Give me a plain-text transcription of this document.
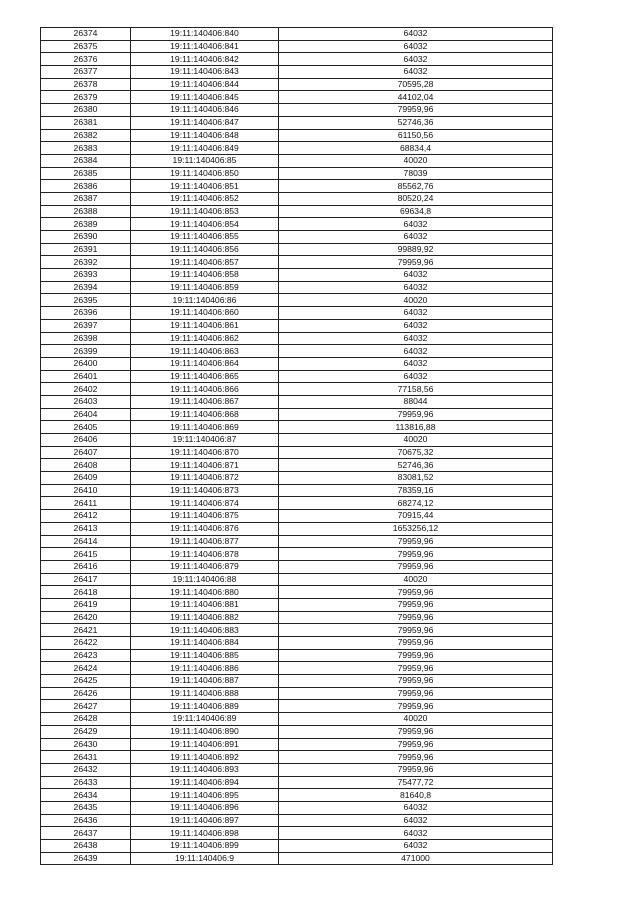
26374	19:11:140406:840	64032
26375	19:11:140406:841	64032
26376	19:11:140406:842	64032
26377	19:11:140406:843	64032
26378	19:11:140406:844	70595,28
26379	19:11:140406:845	44102,04
26380	19:11:140406:846	79959,96
26381	19:11:140406:847	52746,36
26382	19:11:140406:848	61150,56
26383	19:11:140406:849	68834,4
26384	19:11:140406:85	40020
26385	19:11:140406:850	78039
26386	19:11:140406:851	85562,76
26387	19:11:140406:852	80520,24
26388	19:11:140406:853	69634,8
26389	19:11:140406:854	64032
26390	19:11:140406:855	64032
26391	19:11:140406:856	99889,92
26392	19:11:140406:857	79959,96
26393	19:11:140406:858	64032
26394	19:11:140406:859	64032
26395	19:11:140406:86	40020
26396	19:11:140406:860	64032
26397	19:11:140406:861	64032
26398	19:11:140406:862	64032
26399	19:11:140406:863	64032
26400	19:11:140406:864	64032
26401	19:11:140406:865	64032
26402	19:11:140406:866	77158,56
26403	19:11:140406:867	88044
26404	19:11:140406:868	79959,96
26405	19:11:140406:869	113816,88
26406	19:11:140406:87	40020
26407	19:11:140406:870	70675,32
26408	19:11:140406:871	52746,36
26409	19:11:140406:872	83081,52
26410	19:11:140406:873	78359,16
26411	19:11:140406:874	68274,12
26412	19:11:140406:875	70915,44
26413	19:11:140406:876	1653256,12
26414	19:11:140406:877	79959,96
26415	19:11:140406:878	79959,96
26416	19:11:140406:879	79959,96
26417	19:11:140406:88	40020
26418	19:11:140406:880	79959,96
26419	19:11:140406:881	79959,96
26420	19:11:140406:882	79959,96
26421	19:11:140406:883	79959,96
26422	19:11:140406:884	79959,96
26423	19:11:140406:885	79959,96
26424	19:11:140406:886	79959,96
26425	19:11:140406:887	79959,96
26426	19:11:140406:888	79959,96
26427	19:11:140406:889	79959,96
26428	19:11:140406:89	40020
26429	19:11:140406:890	79959,96
26430	19:11:140406:891	79959,96
26431	19:11:140406:892	79959,96
26432	19:11:140406:893	79959,96
26433	19:11:140406:894	75477,72
26434	19:11:140406:895	81640,8
26435	19:11:140406:896	64032
26436	19:11:140406:897	64032
26437	19:11:140406:898	64032
26438	19:11:140406:899	64032
26439	19:11:140406:9	471000
